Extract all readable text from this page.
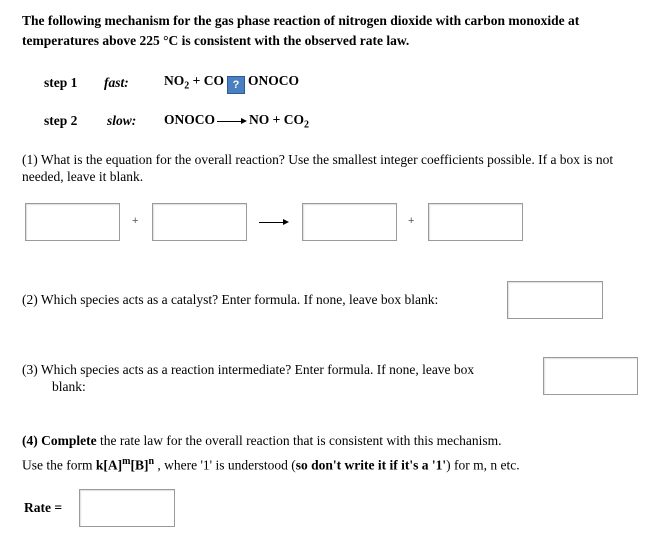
The following mechanism for the gas phase reaction of nitrogen dioxide with carbon monoxide at temperatures above 225 °C is consistent with the observed rate law.
step 1 fast:	$NO_2$ + CO ? ONOCO
step 2 slow: ONOCO	NO + $CO_2$
(1) What is the equation for the overall reaction? Use the smallest integer coefficients possible. If a box is not needed, leave it blank.
+	+
(2) Which species acts as a catalyst? Enter formula. If none, leave box blank:
(3) Which species acts as a reaction intermediate? Enter formula. If none, leave box
blank:
(4) Complete the rate law for the overall reaction that is consistent with this mechanism.
Use the form $k[A]^m[B]^n$ , where '1' is understood (so don't write it if it's a '1') for m, n etc.
Rate =
